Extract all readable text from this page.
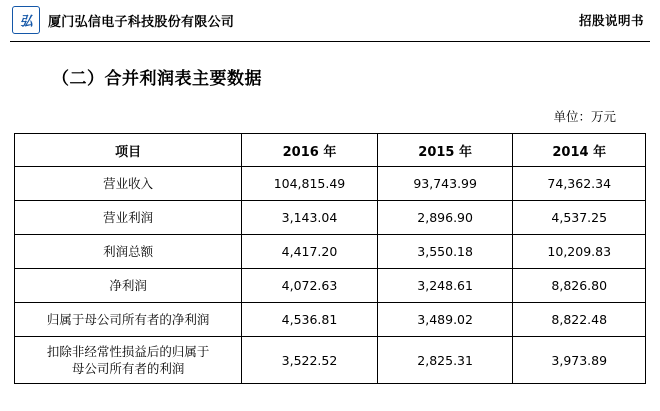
弘	厦门弘信电子科技股份有限公司	招股说明书
（二）合并利润表主要数据
单位：万元
项目	2016 年	2015 年	2014 年
营业收入	104,815.49	93,743.99	74,362.34
营业利润	3,143.04	2,896.90	4,537.25
利润总额	4,417.20	3,550.18	10,209.83
净利润	4,072.63	3,248.61	8,826.80
归属于母公司所有者的净利润	4,536.81	3,489.02	8,822.48

扣除非经常性损益后的归属于
母公司所有者的利润	3,522.52	2,825.31	3,973.89
